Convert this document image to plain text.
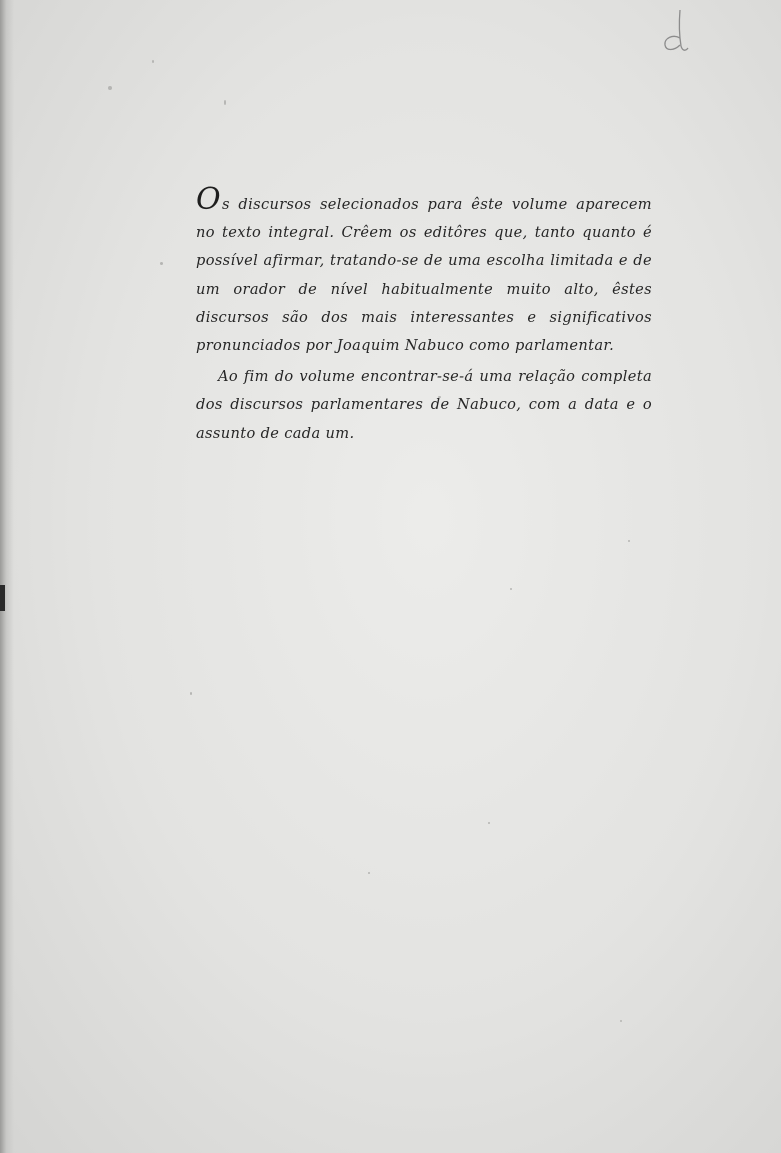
Os discursos selecionados para êste volume aparecem no texto integral. Crêem os editôres que, tanto quanto é possível afirmar, tratando-se de uma escolha limitada e de um orador de nível habitualmente muito alto, êstes discursos são dos mais interessantes e significativos pronunciados por Joaquim Nabuco como parlamentar.

Ao fim do volume encontrar-se-á uma relação completa dos discursos parlamentares de Nabuco, com a data e o assunto de cada um.
